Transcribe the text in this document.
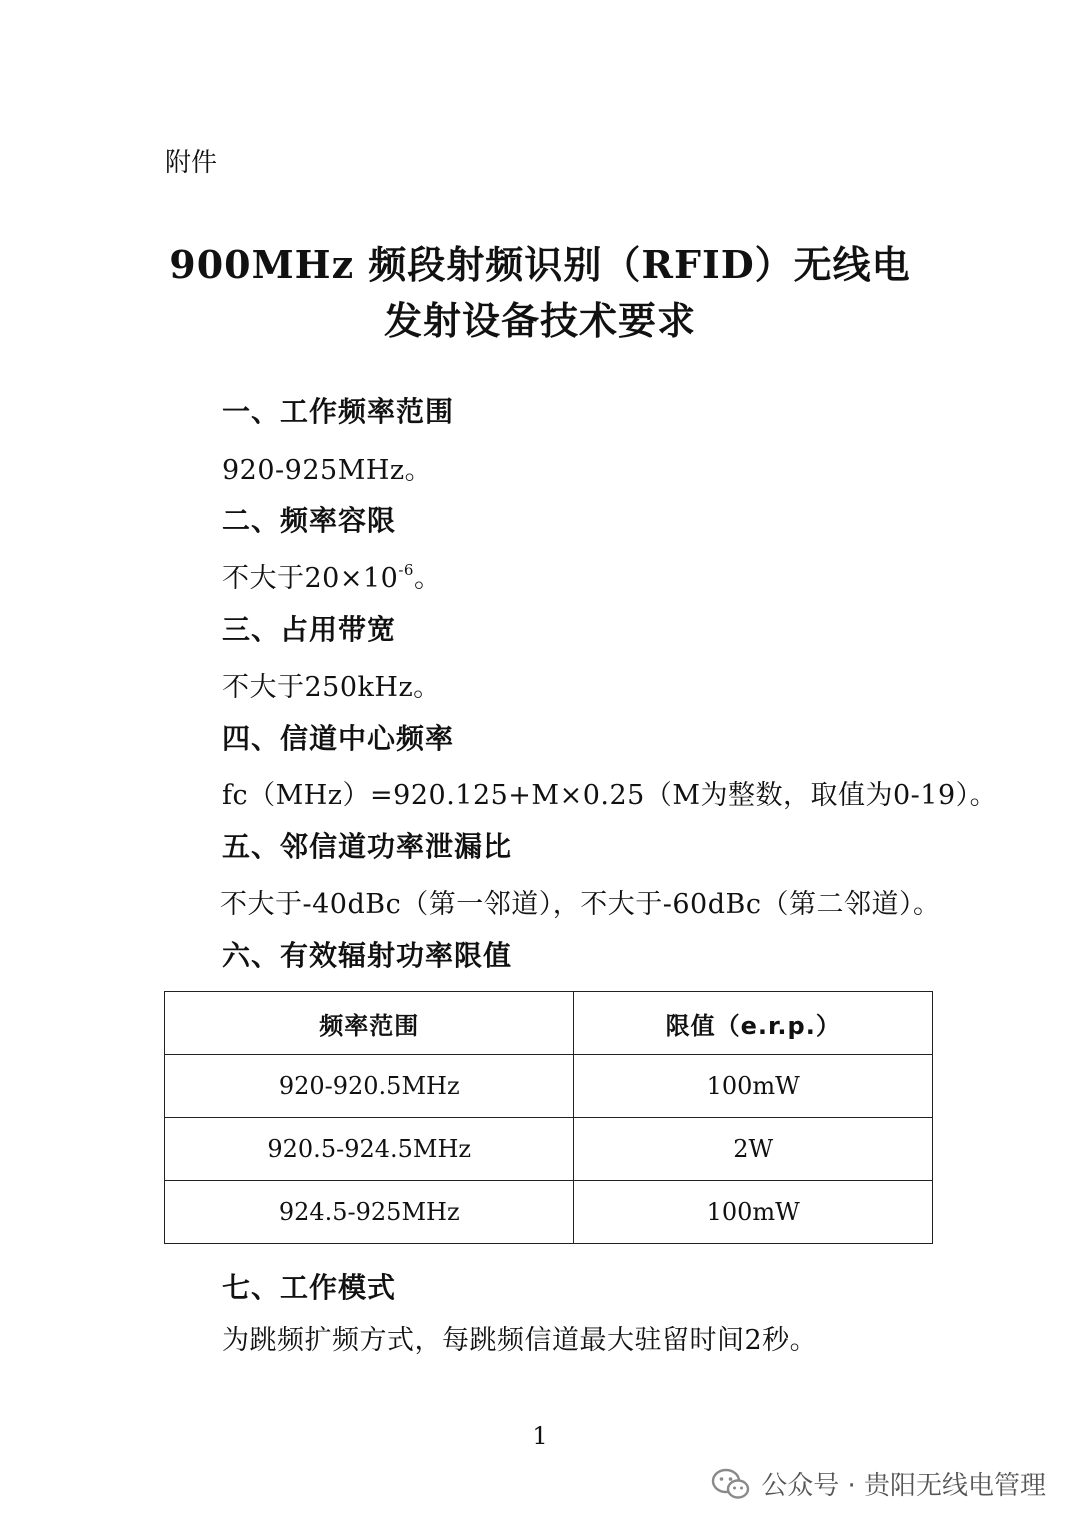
附件
900MHz 频段射频识别（RFID）无线电
发射设备技术要求
一、工作频率范围
920-925MHz。
二、频率容限
不大于$20\times 10^{-6}$。
三、占用带宽
不大于250kHz。
四、信道中心频率
fc（MHz）=920.125+M×0.25（M为整数，取值为0-19）。
五、邻信道功率泄漏比
不大于-40dBc（第一邻道），不大于-60dBc（第二邻道）。
六、有效辐射功率限值
频率范围	限值（e.r.p.）
920-920.5MHz	100mW
920.5-924.5MHz	2W
924.5-925MHz	100mW
七、工作模式
为跳频扩频方式，每跳频信道最大驻留时间2秒。
1
公众号 · 贵阳无线电管理
